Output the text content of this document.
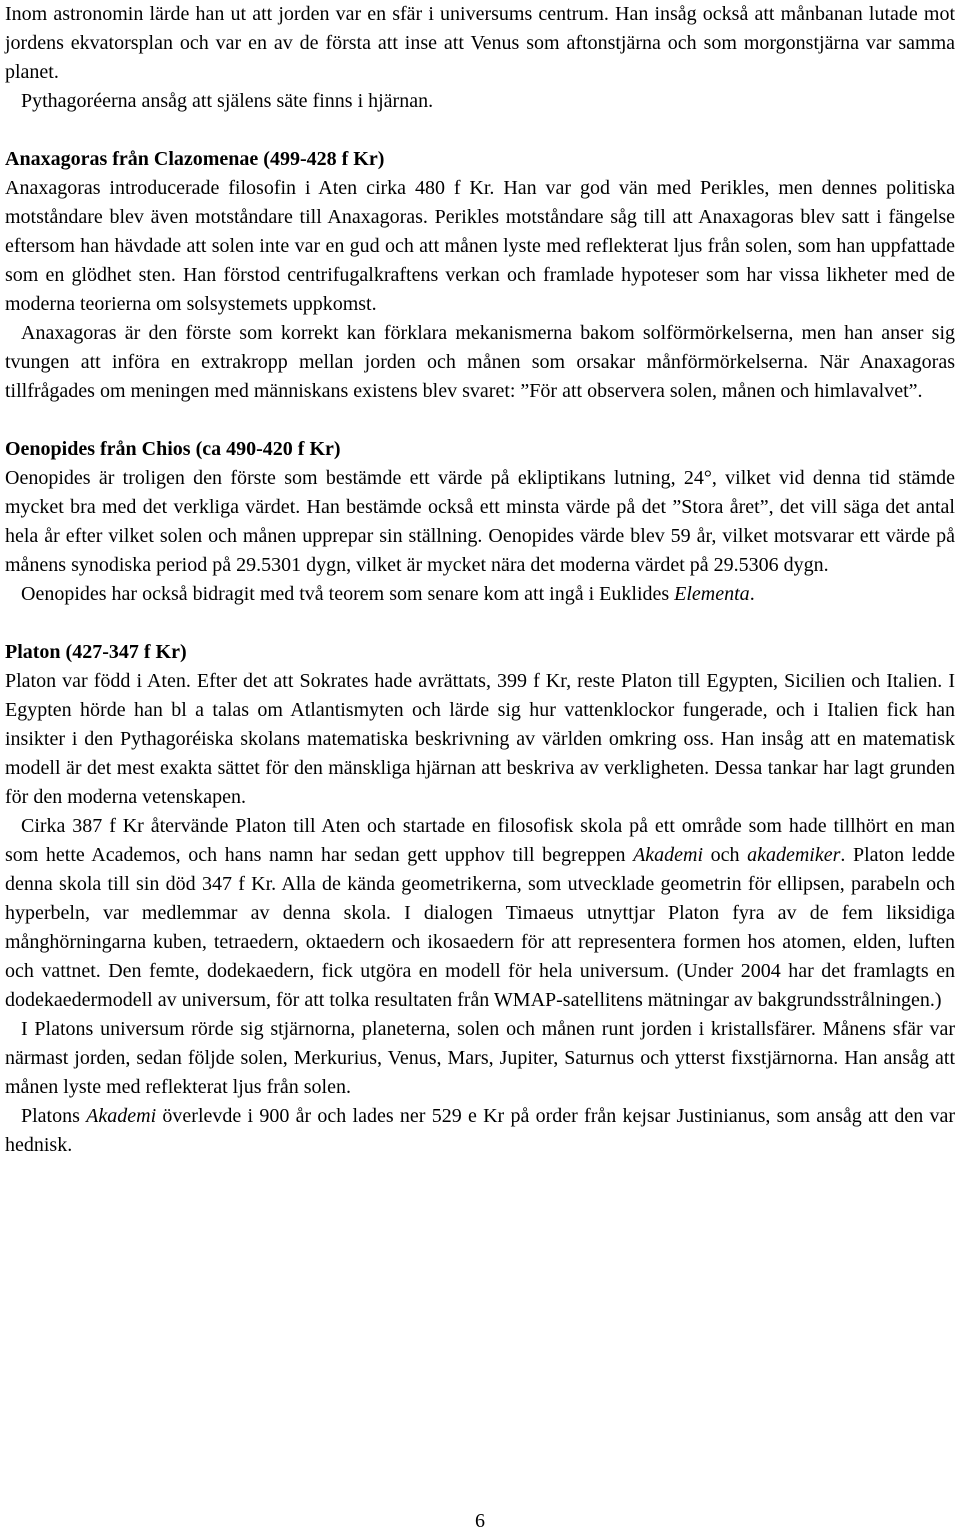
Inom astronomin lärde han ut att jorden var en sfär i universums centrum. Han insåg också att månbanan lutade mot jordens ekvatorsplan och var en av de första att inse att Venus som aftonstjärna och som morgonstjärna var samma planet.

Pythagoréerna ansåg att själens säte finns i hjärnan.

Anaxagoras från Clazomenae (499-428 f Kr)

Anaxagoras introducerade filosofin i Aten cirka 480 f Kr. Han var god vän med Perikles, men dennes politiska motståndare blev även motståndare till Anaxagoras. Perikles motståndare såg till att Anaxagoras blev satt i fängelse eftersom han hävdade att solen inte var en gud och att månen lyste med reflekterat ljus från solen, som han uppfattade som en glödhet sten. Han förstod centrifugalkraftens verkan och framlade hypoteser som har vissa likheter med de moderna teorierna om solsystemets uppkomst.

Anaxagoras är den förste som korrekt kan förklara mekanismerna bakom solförmörkelserna, men han anser sig tvungen att införa en extrakropp mellan jorden och månen som orsakar månförmörkelserna. När Anaxagoras tillfrågades om meningen med människans existens blev svaret: ”För att observera solen, månen och himlavalvet”.

Oenopides från Chios (ca 490-420 f Kr)

Oenopides är troligen den förste som bestämde ett värde på ekliptikans lutning, 24°, vilket vid denna tid stämde mycket bra med det verkliga värdet. Han bestämde också ett minsta värde på det ”Stora året”, det vill säga det antal hela år efter vilket solen och månen upprepar sin ställning. Oenopides värde blev 59 år, vilket motsvarar ett värde på månens synodiska period på 29.5301 dygn, vilket är mycket nära det moderna värdet på 29.5306 dygn.

Oenopides har också bidragit med två teorem som senare kom att ingå i Euklides Elementa.

Platon (427-347 f Kr)

Platon var född i Aten. Efter det att Sokrates hade avrättats, 399 f Kr, reste Platon till Egypten, Sicilien och Italien. I Egypten hörde han bl a talas om Atlantismyten och lärde sig hur vattenklockor fungerade, och i Italien fick han insikter i den Pythagoréiska skolans matematiska beskrivning av världen omkring oss. Han insåg att en matematisk modell är det mest exakta sättet för den mänskliga hjärnan att beskriva av verkligheten. Dessa tankar har lagt grunden för den moderna vetenskapen.

Cirka 387 f Kr återvände Platon till Aten och startade en filosofisk skola på ett område som hade tillhört en man som hette Academos, och hans namn har sedan gett upphov till begreppen Akademi och akademiker. Platon ledde denna skola till sin död 347 f Kr. Alla de kända geometrikerna, som utvecklade geometrin för ellipsen, parabeln och hyperbeln, var medlemmar av denna skola. I dialogen Timaeus utnyttjar Platon fyra av de fem liksidiga månghörningarna kuben, tetraedern, oktaedern och ikosaedern för att representera formen hos atomen, elden, luften och vattnet. Den femte, dodekaedern, fick utgöra en modell för hela universum. (Under 2004 har det framlagts en dodekaedermodell av universum, för att tolka resultaten från WMAP-satellitens mätningar av bakgrundsstrålningen.)

I Platons universum rörde sig stjärnorna, planeterna, solen och månen runt jorden i kristallsfärer. Månens sfär var närmast jorden, sedan följde solen, Merkurius, Venus, Mars, Jupiter, Saturnus och ytterst fixstjärnorna. Han ansåg att månen lyste med reflekterat ljus från solen.

Platons Akademi överlevde i 900 år och lades ner 529 e Kr på order från kejsar Justinianus, som ansåg att den var hednisk.

6
